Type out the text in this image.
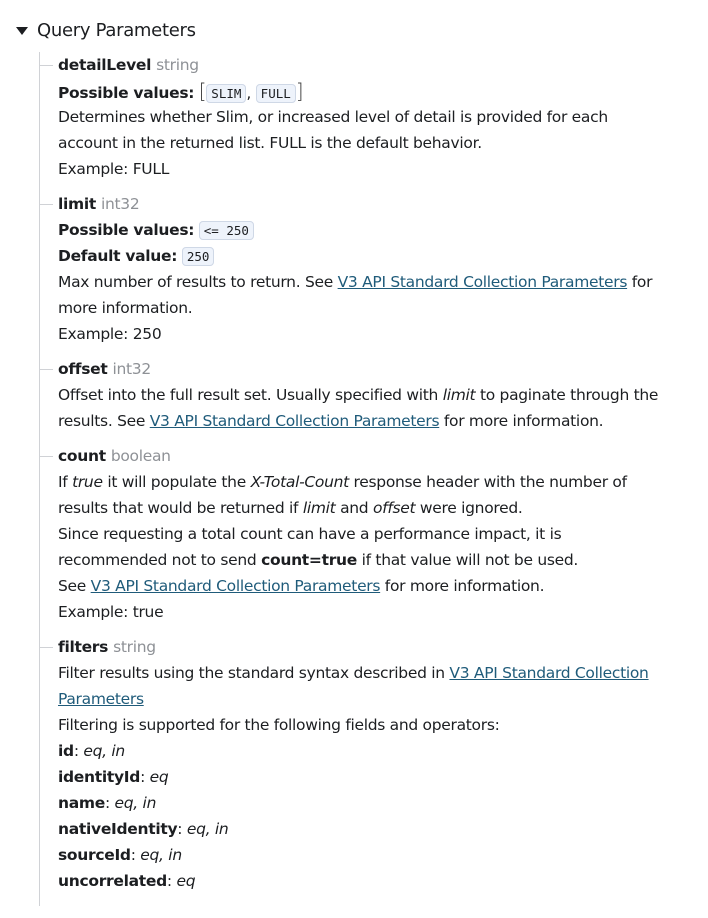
Query Parameters
detailLevel string
Possible values: [ SLIM , FULL ]
Determines whether Slim, or increased level of detail is provided for each
account in the returned list. FULL is the default behavior.
Example: FULL
limit int32
Possible values: <= 250
Default value: 250
Max number of results to return. See V3 API Standard Collection Parameters for
more information.
Example: 250
offset int32
Offset into the full result set. Usually specified with limit to paginate through the
results. See V3 API Standard Collection Parameters for more information.
count boolean
If true it will populate the X-Total-Count response header with the number of
results that would be returned if limit and offset were ignored.
Since requesting a total count can have a performance impact, it is
recommended not to send count=true if that value will not be used.
See V3 API Standard Collection Parameters for more information.
Example: true
filters string
Filter results using the standard syntax described in V3 API Standard Collection
Parameters
Filtering is supported for the following fields and operators:
id: eq, in
identityId: eq
name: eq, in
nativeIdentity: eq, in
sourceId: eq, in
uncorrelated: eq
